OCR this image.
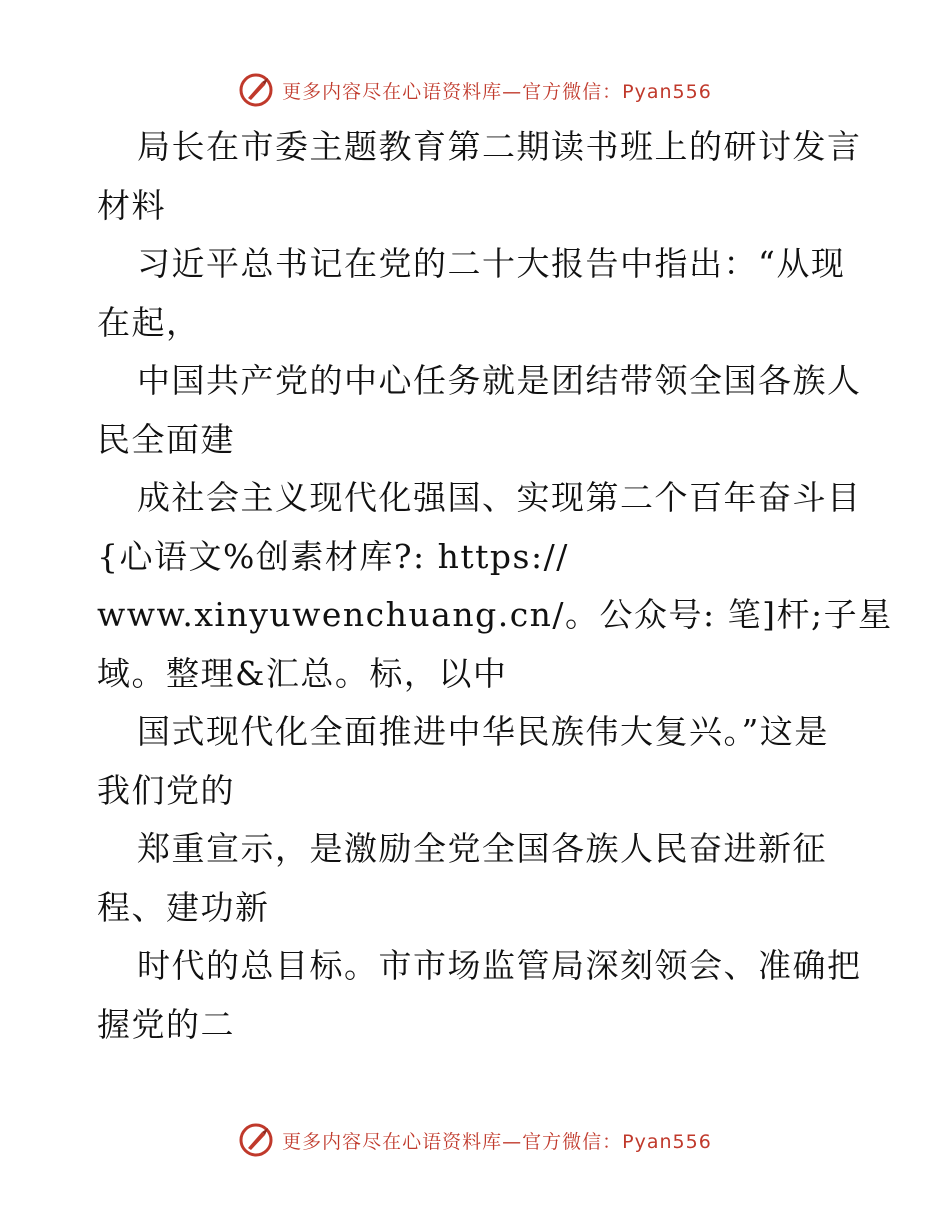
更多内容尽在心语资料库—官方微信：Pyan556
局长在市委主题教育第二期读书班上的研讨发言
材料
习近平总书记在党的二十大报告中指出：“从现
在起，
中国共产党的中心任务就是团结带领全国各族人
民全面建
成社会主义现代化强国、实现第二个百年奋斗目
{心语文%创素材库?: https://
www.xinyuwenchuang.cn/。公众号: 笔]杆;子星
域。整理&汇总。标，以中
国式现代化全面推进中华民族伟大复兴。”这是
我们党的
郑重宣示，是激励全党全国各族人民奋进新征
程、建功新
时代的总目标。市市场监管局深刻领会、准确把
握党的二
更多内容尽在心语资料库—官方微信：Pyan556
